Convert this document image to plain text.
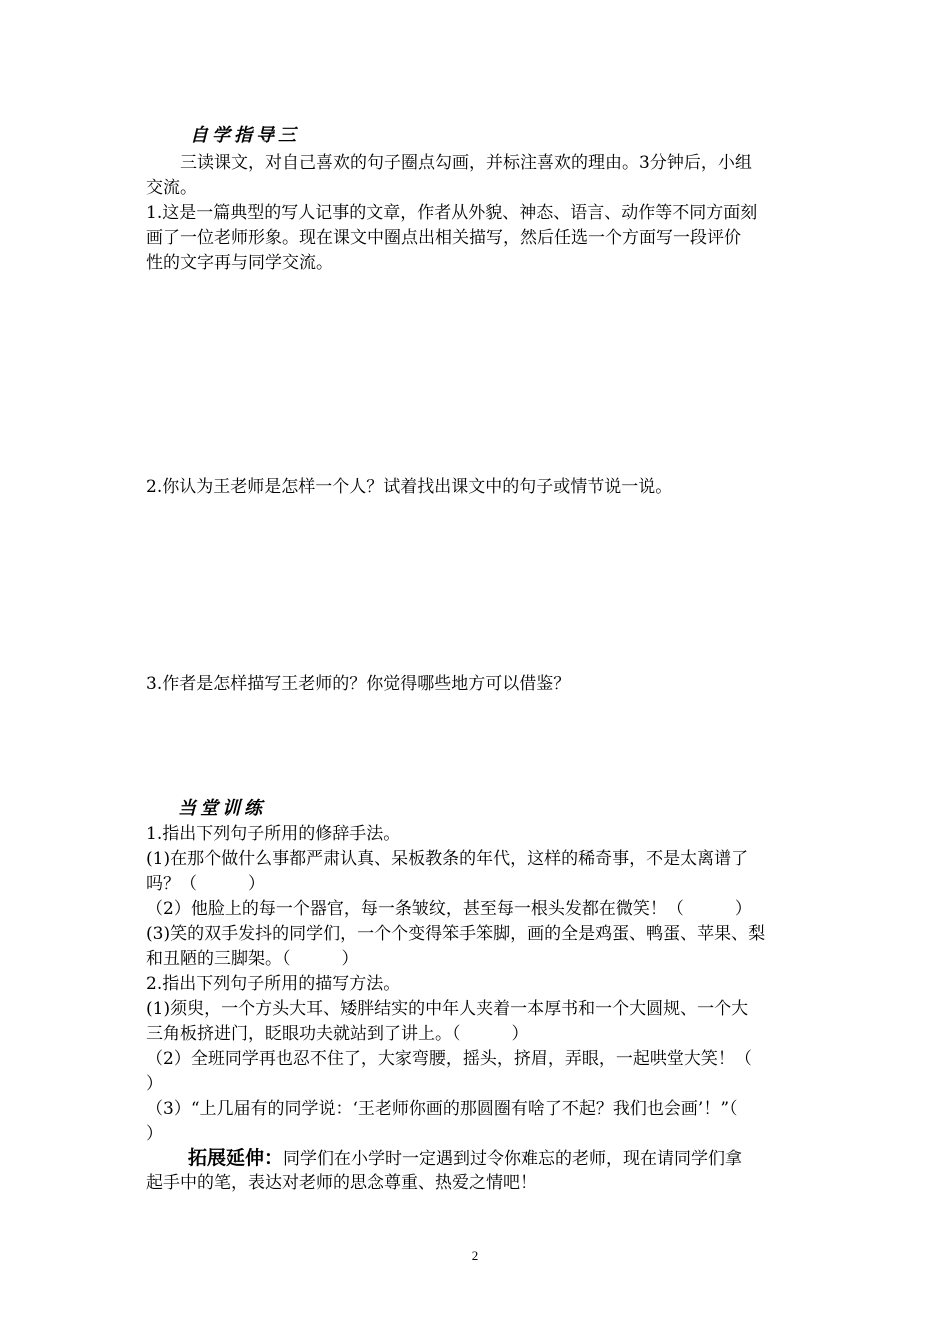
自学指导三
三读课文，对自己喜欢的句子圈点勾画，并标注喜欢的理由。3分钟后，小组
交流。
1.这是一篇典型的写人记事的文章，作者从外貌、神态、语言、动作等不同方面刻
画了一位老师形象。现在课文中圈点出相关描写，然后任选一个方面写一段评价
性的文字再与同学交流。
2.你认为王老师是怎样一个人？试着找出课文中的句子或情节说一说。
3.作者是怎样描写王老师的？你觉得哪些地方可以借鉴？
当堂训练
1.指出下列句子所用的修辞手法。
(1)在那个做什么事都严肃认真、呆板教条的年代，这样的稀奇事，不是太离谱了
吗？（　　　）
（2）他脸上的每一个器官，每一条皱纹，甚至每一根头发都在微笑！（　　　）
(3)笑的双手发抖的同学们，一个个变得笨手笨脚，画的全是鸡蛋、鸭蛋、苹果、梨
和丑陋的三脚架。（　　　）
2.指出下列句子所用的描写方法。
(1)须臾，一个方头大耳、矮胖结实的中年人夹着一本厚书和一个大圆规、一个大
三角板挤进门，眨眼功夫就站到了讲上。（　　　）
（2）全班同学再也忍不住了，大家弯腰，摇头，挤眉，弄眼，一起哄堂大笑！（
）
（3）“上几届有的同学说：‘王老师你画的那圆圈有啥了不起？我们也会画’！”（
）
拓展延伸：同学们在小学时一定遇到过令你难忘的老师，现在请同学们拿
起手中的笔，表达对老师的思念尊重、热爱之情吧！
2
